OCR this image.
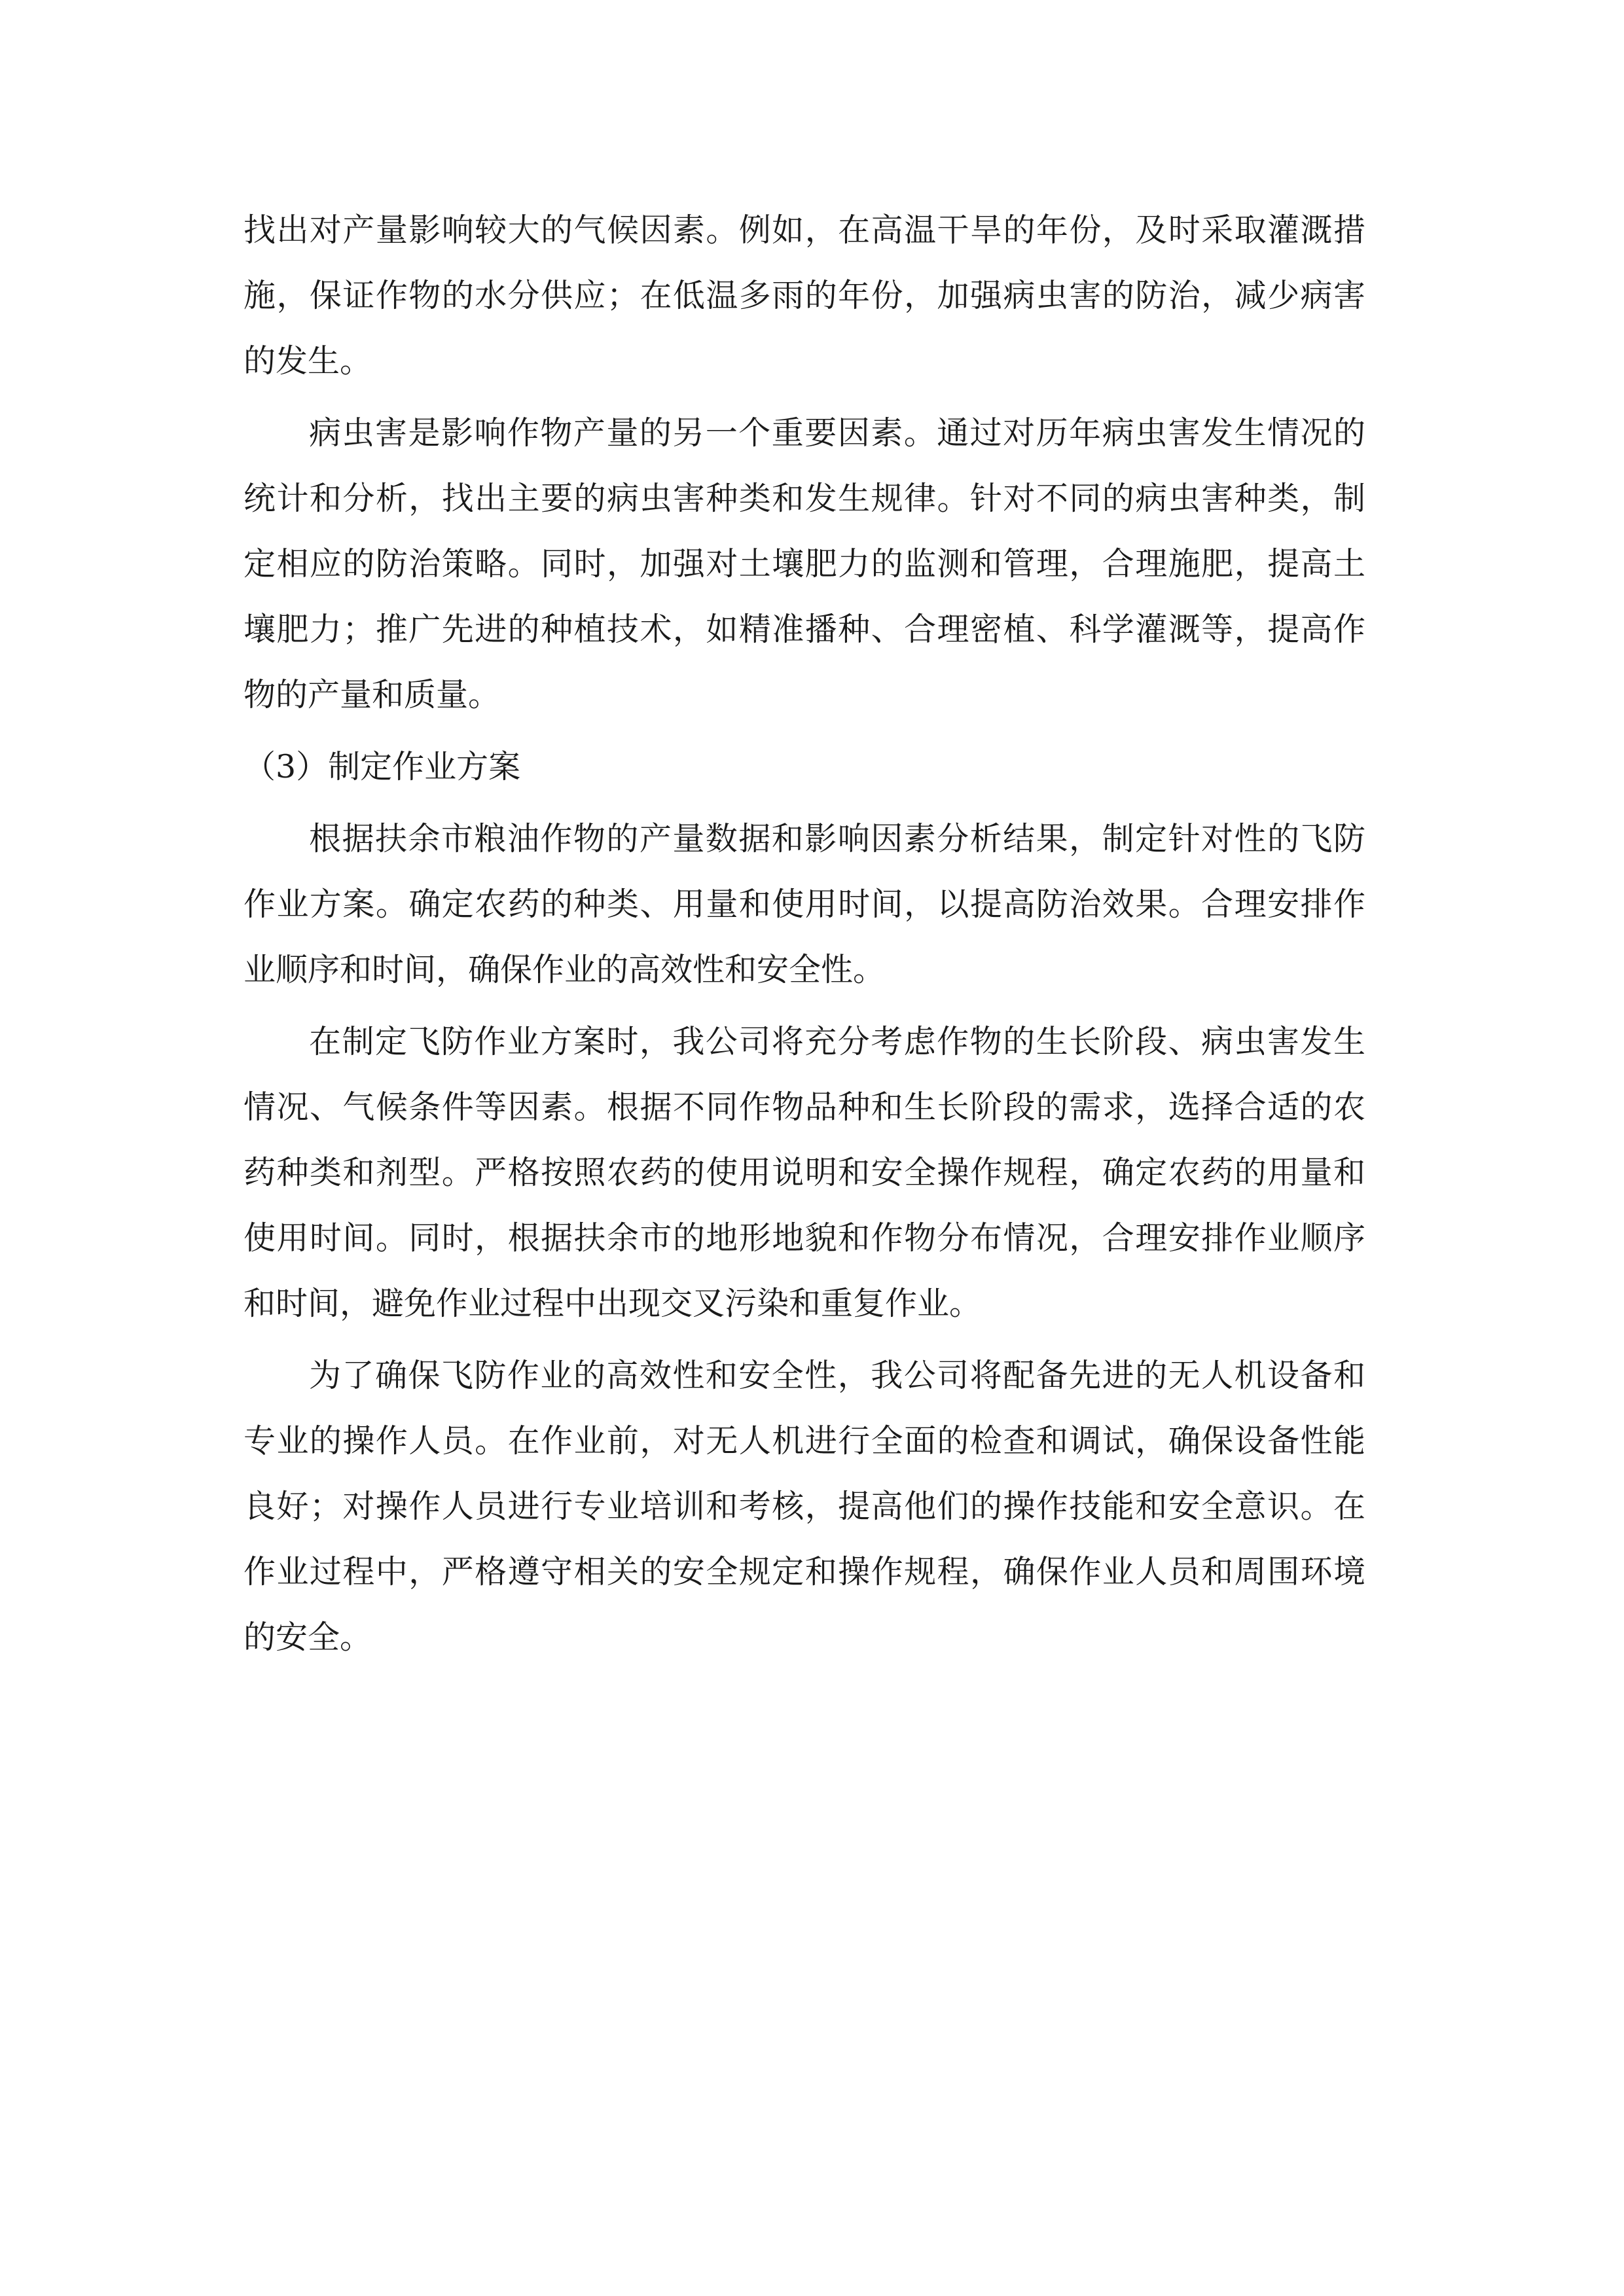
找出对产量影响较大的气候因素。例如，在高温干旱的年份，及时采取灌溉措施，保证作物的水分供应；在低温多雨的年份，加强病虫害的防治，减少病害的发生。

病虫害是影响作物产量的另一个重要因素。通过对历年病虫害发生情况的统计和分析，找出主要的病虫害种类和发生规律。针对不同的病虫害种类，制定相应的防治策略。同时，加强对土壤肥力的监测和管理，合理施肥，提高土壤肥力；推广先进的种植技术，如精准播种、合理密植、科学灌溉等，提高作物的产量和质量。

（3）制定作业方案

根据扶余市粮油作物的产量数据和影响因素分析结果，制定针对性的飞防作业方案。确定农药的种类、用量和使用时间，以提高防治效果。合理安排作业顺序和时间，确保作业的高效性和安全性。

在制定飞防作业方案时，我公司将充分考虑作物的生长阶段、病虫害发生情况、气候条件等因素。根据不同作物品种和生长阶段的需求，选择合适的农药种类和剂型。严格按照农药的使用说明和安全操作规程，确定农药的用量和使用时间。同时，根据扶余市的地形地貌和作物分布情况，合理安排作业顺序和时间，避免作业过程中出现交叉污染和重复作业。

为了确保飞防作业的高效性和安全性，我公司将配备先进的无人机设备和专业的操作人员。在作业前，对无人机进行全面的检查和调试，确保设备性能良好；对操作人员进行专业培训和考核，提高他们的操作技能和安全意识。在作业过程中，严格遵守相关的安全规定和操作规程，确保作业人员和周围环境的安全。
